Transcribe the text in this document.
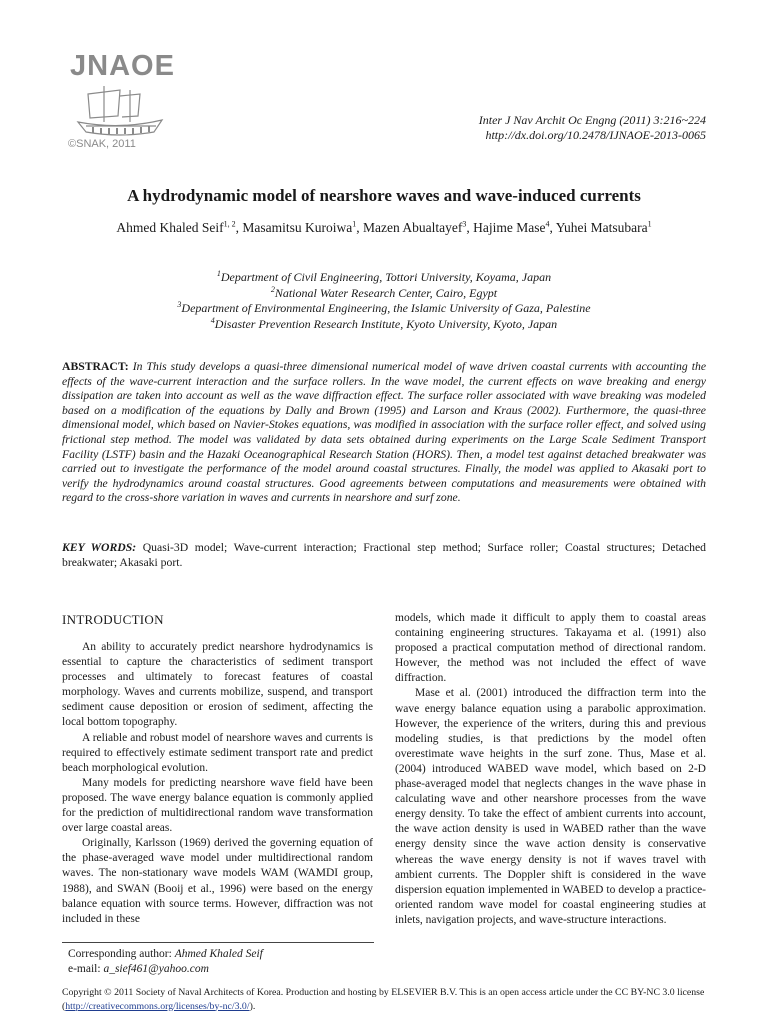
JNAOE
©SNAK, 2011
Inter J Nav Archit Oc Engng (2011) 3:216~224
http://dx.doi.org/10.2478/IJNAOE-2013-0065
A hydrodynamic model of nearshore waves and wave-induced currents
Ahmed Khaled Seif$^{1, 2}$, Masamitsu Kuroiwa$^1$, Mazen Abualtayef$^3$, Hajime Mase$^4$, Yuhei Matsubara$^1$
$^1$Department of Civil Engineering, Tottori University, Koyama, Japan
$^2$National Water Research Center, Cairo, Egypt
$^3$Department of Environmental Engineering, the Islamic University of Gaza, Palestine
$^4$Disaster Prevention Research Institute, Kyoto University, Kyoto, Japan
ABSTRACT: In This study develops a quasi-three dimensional numerical model of wave driven coastal currents with accounting the effects of the wave-current interaction and the surface rollers. In the wave model, the current effects on wave breaking and energy dissipation are taken into account as well as the wave diffraction effect. The surface roller associated with wave breaking was modeled based on a modification of the equations by Dally and Brown (1995) and Larson and Kraus (2002). Furthermore, the quasi-three dimensional model, which based on Navier-Stokes equations, was modified in association with the surface roller effect, and solved using frictional step method. The model was validated by data sets obtained during experiments on the Large Scale Sediment Transport Facility (LSTF) basin and the Hazaki Oceanographical Research Station (HORS). Then, a model test against detached breakwater was carried out to investigate the performance of the model around coastal structures. Finally, the model was applied to Akasaki port to verify the hydrodynamics around coastal structures. Good agreements between computations and measurements were obtained with regard to the cross-shore variation in waves and currents in nearshore and surf zone.
KEY WORDS: Quasi-3D model; Wave-current interaction; Fractional step method; Surface roller; Coastal structures; Detached breakwater; Akasaki port.
INTRODUCTION

An ability to accurately predict nearshore hydrodynamics is essential to capture the characteristics of sediment transport processes and ultimately to forecast features of coastal morphology. Waves and currents mobilize, suspend, and transport sediment cause deposition or erosion of sediment, affecting the local bottom topography.

A reliable and robust model of nearshore waves and currents is required to effectively estimate sediment transport rate and predict beach morphological evolution.

Many models for predicting nearshore wave field have been proposed. The wave energy balance equation is commonly applied for the prediction of multidirectional random wave transformation over large coastal areas.

Originally, Karlsson (1969) derived the governing equation of the phase-averaged wave model under multidirectional random waves. The non-stationary wave models WAM (WAMDI group, 1988), and SWAN (Booij et al., 1996) were based on the energy balance equation with source terms. However, diffraction was not included in these

models, which made it difficult to apply them to coastal areas containing engineering structures. Takayama et al. (1991) also proposed a practical computation method of directional random. However, the method was not included the effect of wave diffraction.

Mase et al. (2001) introduced the diffraction term into the wave energy balance equation using a parabolic approximation. However, the experience of the writers, during this and previous modeling studies, is that predictions by the model often overestimate wave heights in the surf zone. Thus, Mase et al. (2004) introduced WABED wave model, which based on 2-D phase-averaged model that neglects changes in the wave phase in calculating wave and other nearshore processes from the wave energy density. To take the effect of ambient currents into account, the wave action density is used in WABED rather than the wave energy density since the wave action density is conservative whereas the wave energy density is not if waves travel with ambient currents. The Doppler shift is considered in the wave dispersion equation implemented in WABED to develop a practice-oriented random wave model for coastal engineering studies at inlets, navigation projects, and wave-structure interactions.

Corresponding author: Ahmed Khaled Seif
e-mail: a_sief461@yahoo.com
Copyright © 2011 Society of Naval Architects of Korea. Production and hosting by ELSEVIER B.V. This is an open access article under the CC BY-NC 3.0 license
(http://creativecommons.org/licenses/by-nc/3.0/).
